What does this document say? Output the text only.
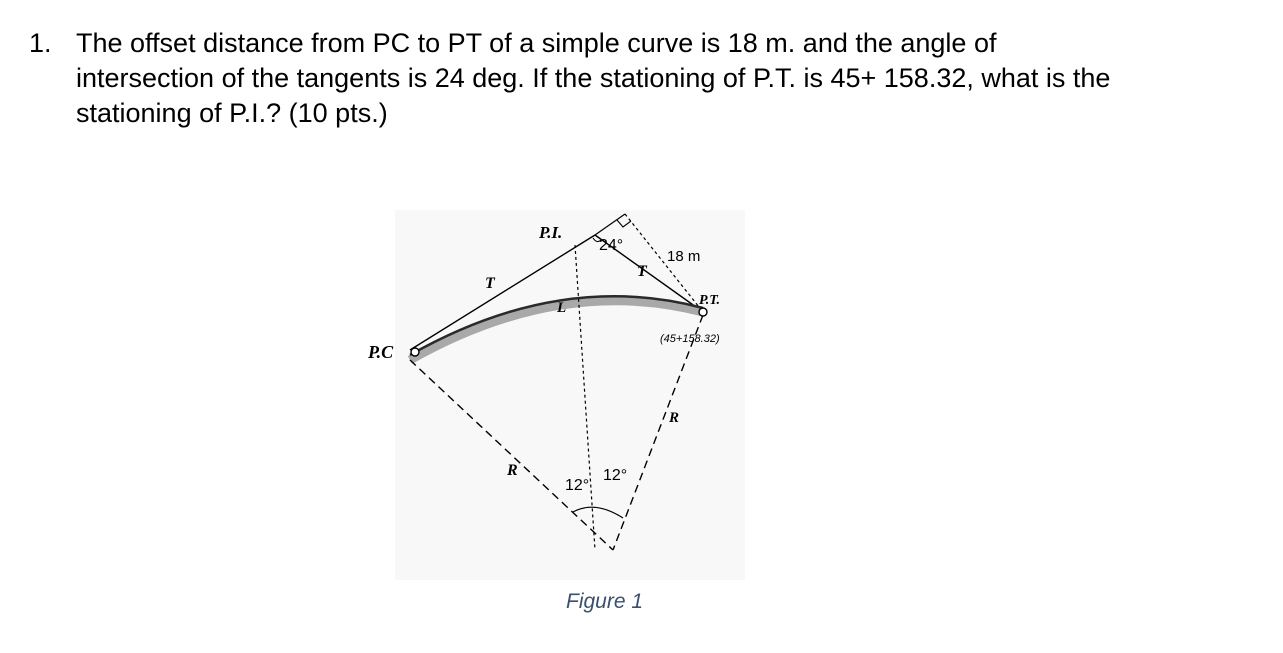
1. The offset distance from PC to PT of a simple curve is 18 m. and the angle of
intersection of the tangents is 24 deg. If the stationing of P.T. is 45+ 158.32, what is the
stationing of P.I.? (10 pts.)
P.I.
P.C
P.T.
T
T
L
R
R
24°
18 m
(45+158.32)
12°
12°
Figure 1
